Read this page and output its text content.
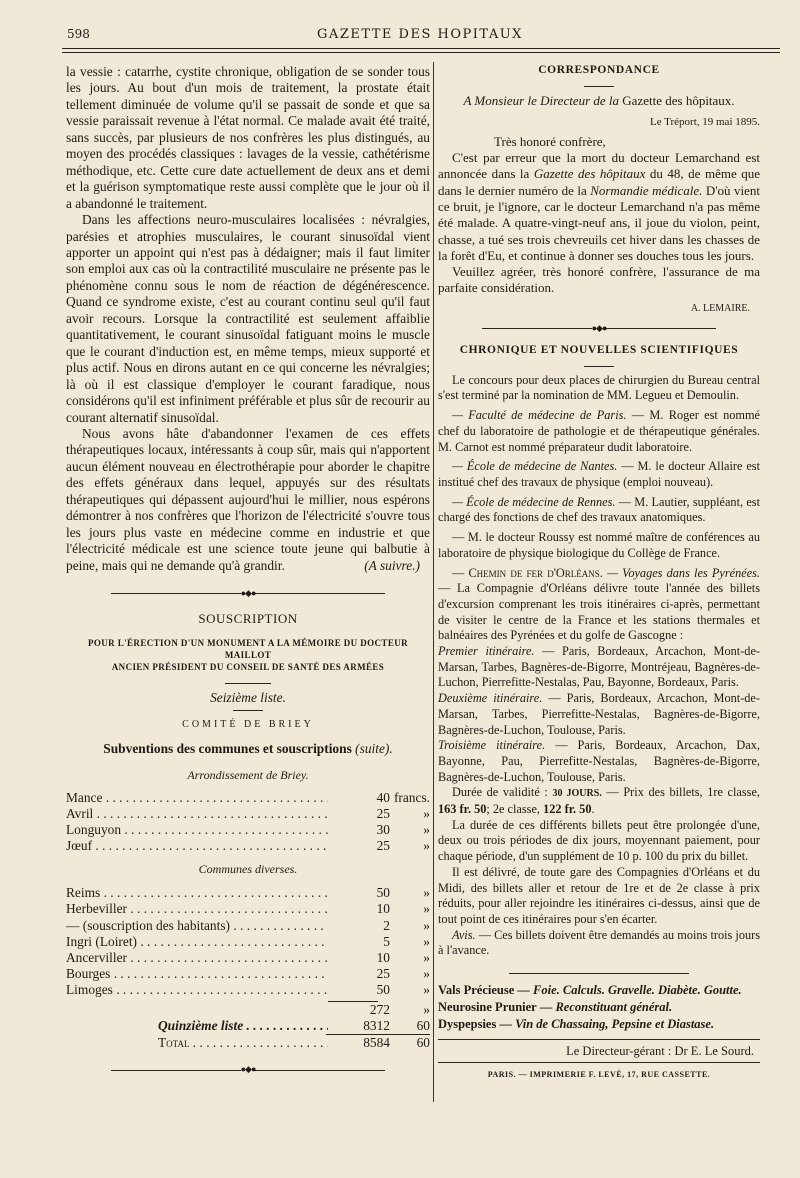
598	GAZETTE DES HOPITAUX

la vessie : catarrhe, cystite chronique, obligation de se sonder tous les jours. Au bout d'un mois de traitement, la prostate était tellement diminuée de volume qu'il se passait de sonde et que sa vessie paraissait revenue à l'état normal. Ce malade avait été traité, sans succès, par plusieurs de nos confrères les plus distingués, au moyen des procédés classiques : lavages de la vessie, cathétérisme méthodique, etc. Cette cure date actuellement de deux ans et demi et la guérison symptomatique reste aussi complète que le jour où il a abandonné le traitement.

Dans les affections neuro-musculaires localisées : névralgies, parésies et atrophies musculaires, le courant sinusoïdal vient apporter un appoint qui n'est pas à dédaigner; mais il faut limiter son emploi aux cas où la contractilité musculaire ne présente pas le phénomène connu sous le nom de réaction de dégénérescence. Quand ce syndrome existe, c'est au courant continu seul qu'il faut avoir recours. Lorsque la contractilité est seulement affaiblie quantitativement, le courant sinusoïdal fatiguant moins le muscle que le courant d'induction est, en même temps, mieux supporté et plus actif. Nous en dirons autant en ce qui concerne les névralgies; là où il est classique d'employer le courant faradique, nous considérons qu'il est infiniment préférable et plus sûr de recourir au courant alternatif sinusoïdal.

Nous avons hâte d'abandonner l'examen de ces effets thérapeutiques locaux, intéressants à coup sûr, mais qui n'apportent aucun élément nouveau en électrothérapie pour aborder le chapitre des effets généraux dans lequel, appuyés sur des résultats thérapeutiques qui dépassent aujourd'hui le millier, nous espérons démontrer à nos confrères que l'horizon de l'électricité s'ouvre tous les jours plus vaste en médecine comme en industrie et que l'électricité médicale est une science toute jeune qui balbutie à peine, mais qui ne demande qu'à grandir.	(A suivre.)

●◆●

SOUSCRIPTION

POUR L'ÉRECTION D'UN MONUMENT A LA MÉMOIRE DU DOCTEUR MAILLOT

ANCIEN PRÉSIDENT DU CONSEIL DE SANTÉ DES ARMÉES

Seizième liste.

COMITÉ DE BRIEY

Subventions des communes et souscriptions (suite).

Arrondissement de Briey.

Mance . . .	40 francs.
Avril . . .	25	»
Longuyon . . .	30	»
Jœuf . . .	25	»

Communes diverses.

Reims . . .	50	»
Herbeviller . . .	10	»
— (souscription des habitants) . . .	2	»
Ingri (Loiret) . . .	5	»
Ancerviller . . .	10	»
Bourges . . .	25	»
Limoges . . .	50	»
272	»
Quinzième liste . . .	8312	60
Total . . .	8584	60

●◆●

CORRESPONDANCE

A Monsieur le Directeur de la Gazette des hôpitaux.

Le Tréport, 19 mai 1895.

Très honoré confrère,

C'est par erreur que la mort du docteur Lemarchand est annoncée dans la Gazette des hôpitaux du 48, de même que dans le dernier numéro de la Normandie médicale. D'où vient ce bruit, je l'ignore, car le docteur Lemarchand n'a pas même été malade. A quatre-vingt-neuf ans, il joue du violon, peint, chasse, a tué ses trois chevreuils cet hiver dans les chasses de la forêt d'Eu, et continue à donner ses douches tous les jours.

Veuillez agréer, très honoré confrère, l'assurance de ma parfaite considération.

A. LEMAIRE.

●◆●

CHRONIQUE ET NOUVELLES SCIENTIFIQUES

Le concours pour deux places de chirurgien du Bureau central s'est terminé par la nomination de MM. Legueu et Demoulin.

— Faculté de médecine de Paris. — M. Roger est nommé chef du laboratoire de pathologie et de thérapeutique générales. M. Carnot est nommé préparateur dudit laboratoire.

— École de médecine de Nantes. — M. le docteur Allaire est institué chef des travaux de physique (emploi nouveau).

— École de médecine de Rennes. — M. Lautier, suppléant, est chargé des fonctions de chef des travaux anatomiques.

— M. le docteur Roussy est nommé maître de conférences au laboratoire de physique biologique du Collège de France.

— Chemin de fer d'Orléans. — Voyages dans les Pyrénées. — La Compagnie d'Orléans délivre toute l'année des billets d'excursion comprenant les trois itinéraires ci-après, permettant de visiter le centre de la France et les stations thermales et balnéaires des Pyrénées et du golfe de Gascogne :

Premier itinéraire. — Paris, Bordeaux, Arcachon, Mont-de-Marsan, Tarbes, Bagnères-de-Bigorre, Montréjeau, Bagnères-de-Luchon, Pierrefitte-Nestalas, Pau, Bayonne, Bordeaux, Paris.

Deuxième itinéraire. — Paris, Bordeaux, Arcachon, Mont-de-Marsan, Tarbes, Pierrefitte-Nestalas, Bagnères-de-Bigorre, Bagnères-de-Luchon, Toulouse, Paris.

Troisième itinéraire. — Paris, Bordeaux, Arcachon, Dax, Bayonne, Pau, Pierrefitte-Nestalas, Bagnères-de-Bigorre, Bagnères-de-Luchon, Toulouse, Paris.

Durée de validité : 30 JOURS. — Prix des billets, 1re classe, 163 fr. 50; 2e classe, 122 fr. 50.

La durée de ces différents billets peut être prolongée d'une, deux ou trois périodes de dix jours, moyennant paiement, pour chaque période, d'un supplément de 10 p. 100 du prix du billet.

Il est délivré, de toute gare des Compagnies d'Orléans et du Midi, des billets aller et retour de 1re et de 2e classe à prix réduits, pour aller rejoindre les itinéraires ci-dessus, ainsi que de tout point de ces itinéraires pour s'en écarter.

Avis. — Ces billets doivent être demandés au moins trois jours à l'avance.

Vals Précieuse — Foie. Calculs. Gravelle. Diabète. Goutte.

Neurosine Prunier — Reconstituant général.

Dyspepsies — Vin de Chassaing, Pepsine et Diastase.

Le Directeur-gérant : Dr E. Le Sourd.

PARIS. — IMPRIMERIE F. LEVÉ, 17, RUE CASSETTE.
